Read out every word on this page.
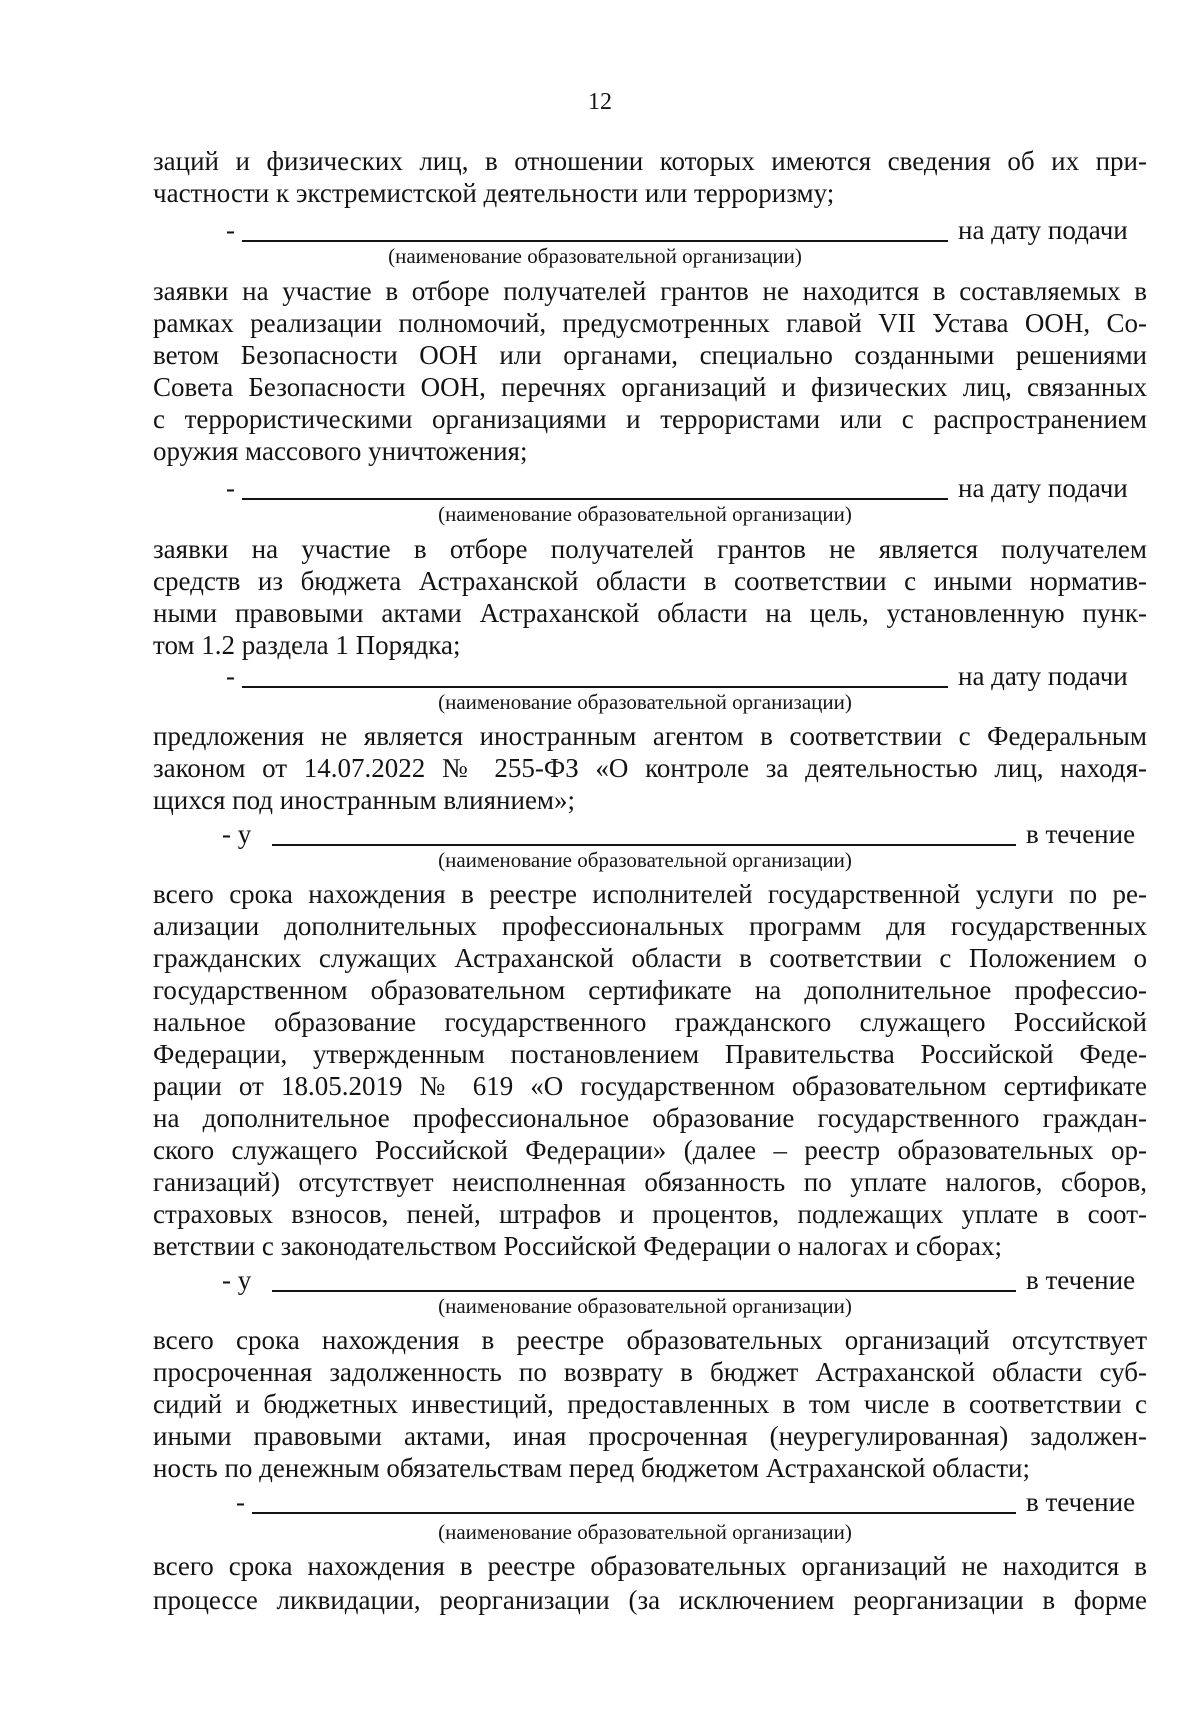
12
заций и физических лиц, в отношении которых имеются сведения об их при-
частности к экстремистской деятельности или терроризму;
-	на дату подачи
(наименование образовательной организации)
заявки на участие в отборе получателей грантов не находится в составляемых в
рамках реализации полномочий, предусмотренных главой VII Устава ООН, Со-
ветом Безопасности ООН или органами, специально созданными решениями
Совета Безопасности ООН, перечнях организаций и физических лиц, связанных
с террористическими организациями и террористами или с распространением
оружия массового уничтожения;
-	на дату подачи
(наименование образовательной организации)
заявки на участие в отборе получателей грантов не является получателем
средств из бюджета Астраханской области в соответствии с иными норматив-
ными правовыми актами Астраханской области на цель, установленную пунк-
том 1.2 раздела 1 Порядка;
-	на дату подачи
(наименование образовательной организации)
предложения не является иностранным агентом в соответствии с Федеральным
законом от 14.07.2022 № 255-ФЗ «О контроле за деятельностью лиц, находя-
щихся под иностранным влиянием»;
- у	в течение
(наименование образовательной организации)
всего срока нахождения в реестре исполнителей государственной услуги по ре-
ализации дополнительных профессиональных программ для государственных
гражданских служащих Астраханской области в соответствии с Положением о
государственном образовательном сертификате на дополнительное профессио-
нальное образование государственного гражданского служащего Российской
Федерации, утвержденным постановлением Правительства Российской Феде-
рации от 18.05.2019 № 619 «О государственном образовательном сертификате
на дополнительное профессиональное образование государственного граждан-
ского служащего Российской Федерации» (далее – реестр образовательных ор-
ганизаций) отсутствует неисполненная обязанность по уплате налогов, сборов,
страховых взносов, пеней, штрафов и процентов, подлежащих уплате в соот-
ветствии с законодательством Российской Федерации о налогах и сборах;
- у	в течение
(наименование образовательной организации)
всего срока нахождения в реестре образовательных организаций отсутствует
просроченная задолженность по возврату в бюджет Астраханской области суб-
сидий и бюджетных инвестиций, предоставленных в том числе в соответствии с
иными правовыми актами, иная просроченная (неурегулированная) задолжен-
ность по денежным обязательствам перед бюджетом Астраханской области;
-	в течение
(наименование образовательной организации)
всего срока нахождения в реестре образовательных организаций не находится в
процессе ликвидации, реорганизации (за исключением реорганизации в форме
